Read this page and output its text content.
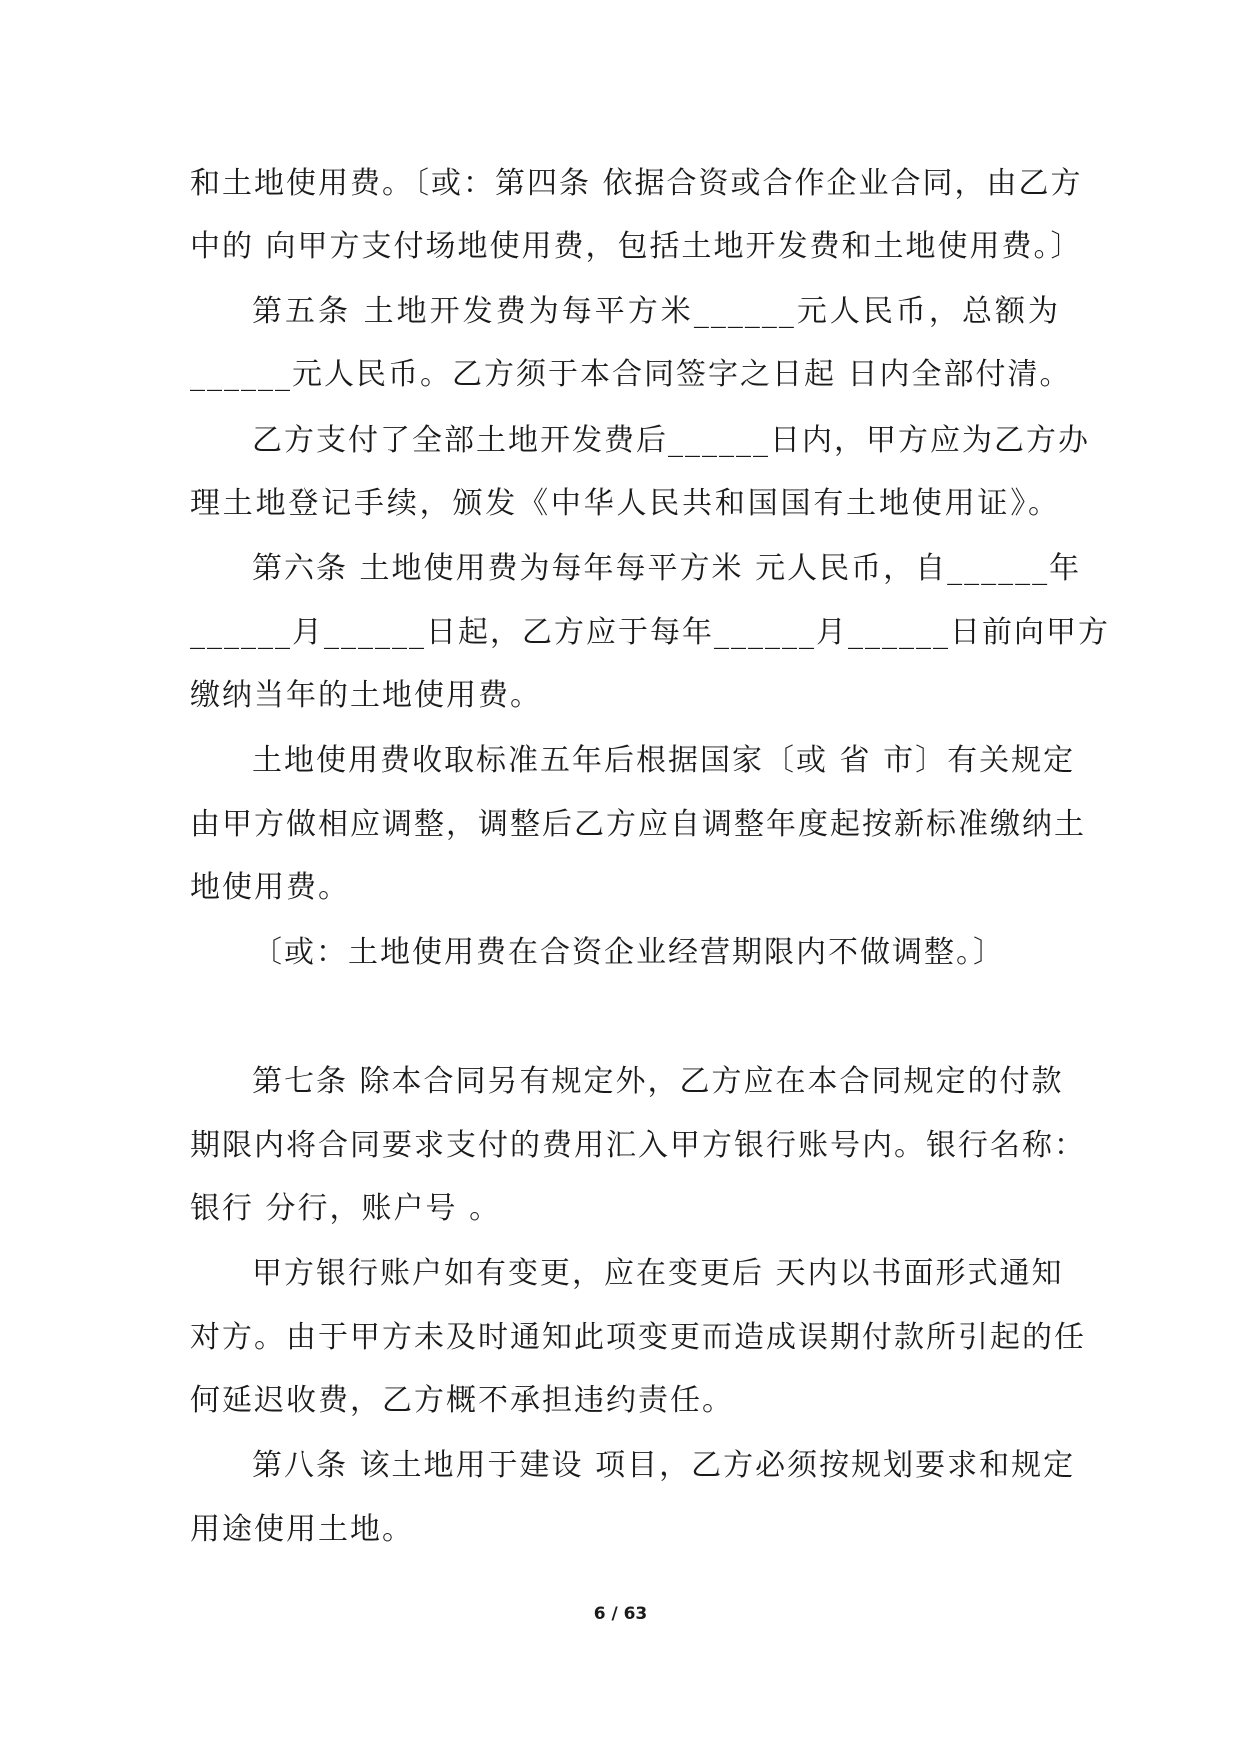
和土地使用费。〔或：第四条 依据合资或合作企业合同，由乙方
中的 向甲方支付场地使用费，包括土地开发费和土地使用费。〕
第五条 土地开发费为每平方米______元人民币，总额为
______元人民币。乙方须于本合同签字之日起 日内全部付清。
乙方支付了全部土地开发费后______日内，甲方应为乙方办
理土地登记手续，颁发《中华人民共和国国有土地使用证》。
第六条 土地使用费为每年每平方米 元人民币，自______年
______月______日起，乙方应于每年______月______日前向甲方
缴纳当年的土地使用费。
土地使用费收取标准五年后根据国家〔或 省 市〕有关规定
由甲方做相应调整，调整后乙方应自调整年度起按新标准缴纳土
地使用费。
〔或：土地使用费在合资企业经营期限内不做调整。〕
第七条 除本合同另有规定外，乙方应在本合同规定的付款
期限内将合同要求支付的费用汇入甲方银行账号内。银行名称：
银行 分行，账户号 。
甲方银行账户如有变更，应在变更后 天内以书面形式通知
对方。由于甲方未及时通知此项变更而造成误期付款所引起的任
何延迟收费，乙方概不承担违约责任。
第八条 该土地用于建设 项目，乙方必须按规划要求和规定
用途使用土地。
6 / 63
